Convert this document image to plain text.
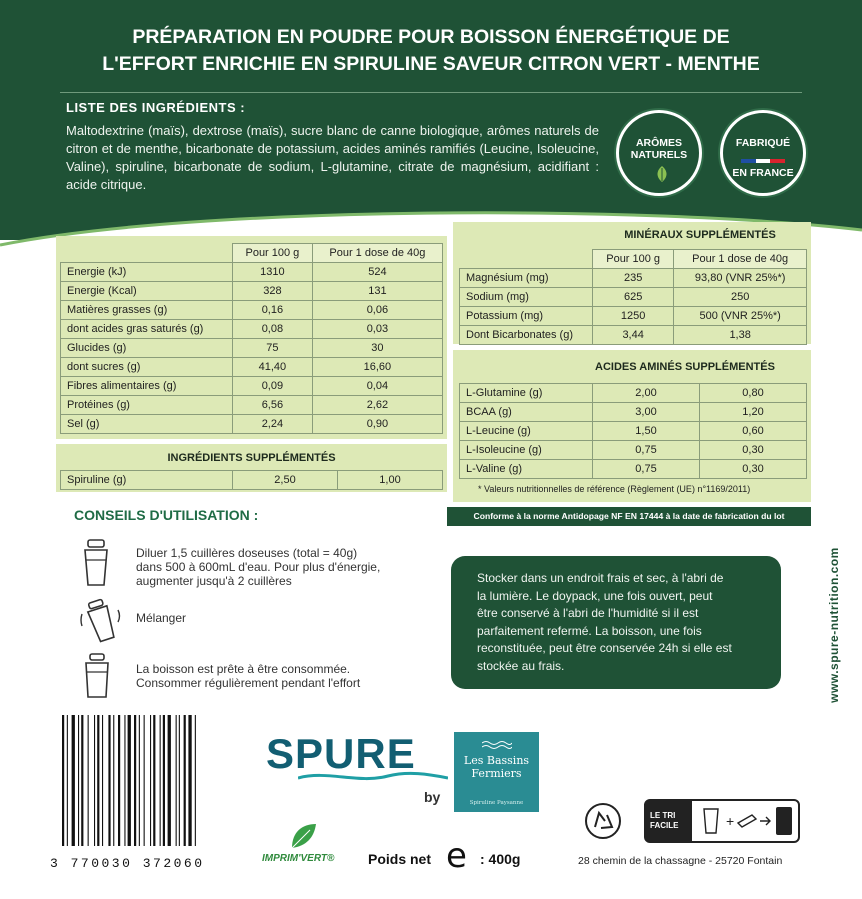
PRÉPARATION EN POUDRE POUR BOISSON ÉNERGÉTIQUE DE
L'EFFORT ENRICHIE EN SPIRULINE SAVEUR CITRON VERT - MENTHE
LISTE DES INGRÉDIENTS :
Maltodextrine (maïs), dextrose (maïs), sucre blanc de canne biologique, arômes naturels de citron et de menthe, bicarbonate de potassium, acides aminés ramifiés (Leucine, Isoleucine, Valine), spiruline, bicarbonate de sodium, L-glutamine, citrate de magnésium, acidifiant : acide citrique.
ARÔMES
NATURELS
FABRIQUÉ
EN FRANCE
	Pour 100 g	Pour 1 dose de 40g
Energie (kJ)	1310	524
Energie (Kcal)	328	131
Matières grasses (g)	0,16	0,06
dont acides gras saturés (g)	0,08	0,03
Glucides (g)	75	30
dont sucres (g)	41,40	16,60
Fibres alimentaires (g)	0,09	0,04
Protéines (g)	6,56	2,62
Sel (g)	2,24	0,90
INGRÉDIENTS SUPPLÉMENTÉS
Spiruline (g)	2,50	1,00
MINÉRAUX SUPPLÉMENTÉS
	Pour 100 g	Pour 1 dose de 40g
Magnésium (mg)	235	93,80 (VNR 25%*)
Sodium (mg)	625	250
Potassium (mg)	1250	500 (VNR 25%*)
Dont Bicarbonates (g)	3,44	1,38
ACIDES AMINÉS SUPPLÉMENTÉS
L-Glutamine (g)	2,00	0,80
BCAA (g)	3,00	1,20
L-Leucine (g)	1,50	0,60
L-Isoleucine (g)	0,75	0,30
L-Valine (g)	0,75	0,30
* Valeurs nutritionnelles de référence (Règlement (UE) n°1169/2011)
Conforme à la norme Antidopage NF EN 17444 à la date de fabrication du lot
CONSEILS D'UTILISATION :
Diluer 1,5 cuillères doseuses (total = 40g)
dans 500 à 600mL d'eau. Pour plus d'énergie,
augmenter jusqu'à 2 cuillères
Mélanger
La boisson est prête à être consommée.
Consommer régulièrement pendant l'effort
Stocker dans un endroit frais et sec, à l'abri de
la lumière. Le doypack, une fois ouvert, peut
être conservé à l'abri de l'humidité si il est
parfaitement refermé. La boisson, une fois
reconstituée, peut être conservée 24h si elle est
stockée au frais.	www.spure-nutrition.com
3 770030 372060
SPURE
by
Les Bassins
Fermiers
Spiruline Paysanne
IMPRIM'VERT® Poids net e : 400g
LE TRI
FACILE	+
28 chemin de la chassagne - 25720 Fontain
